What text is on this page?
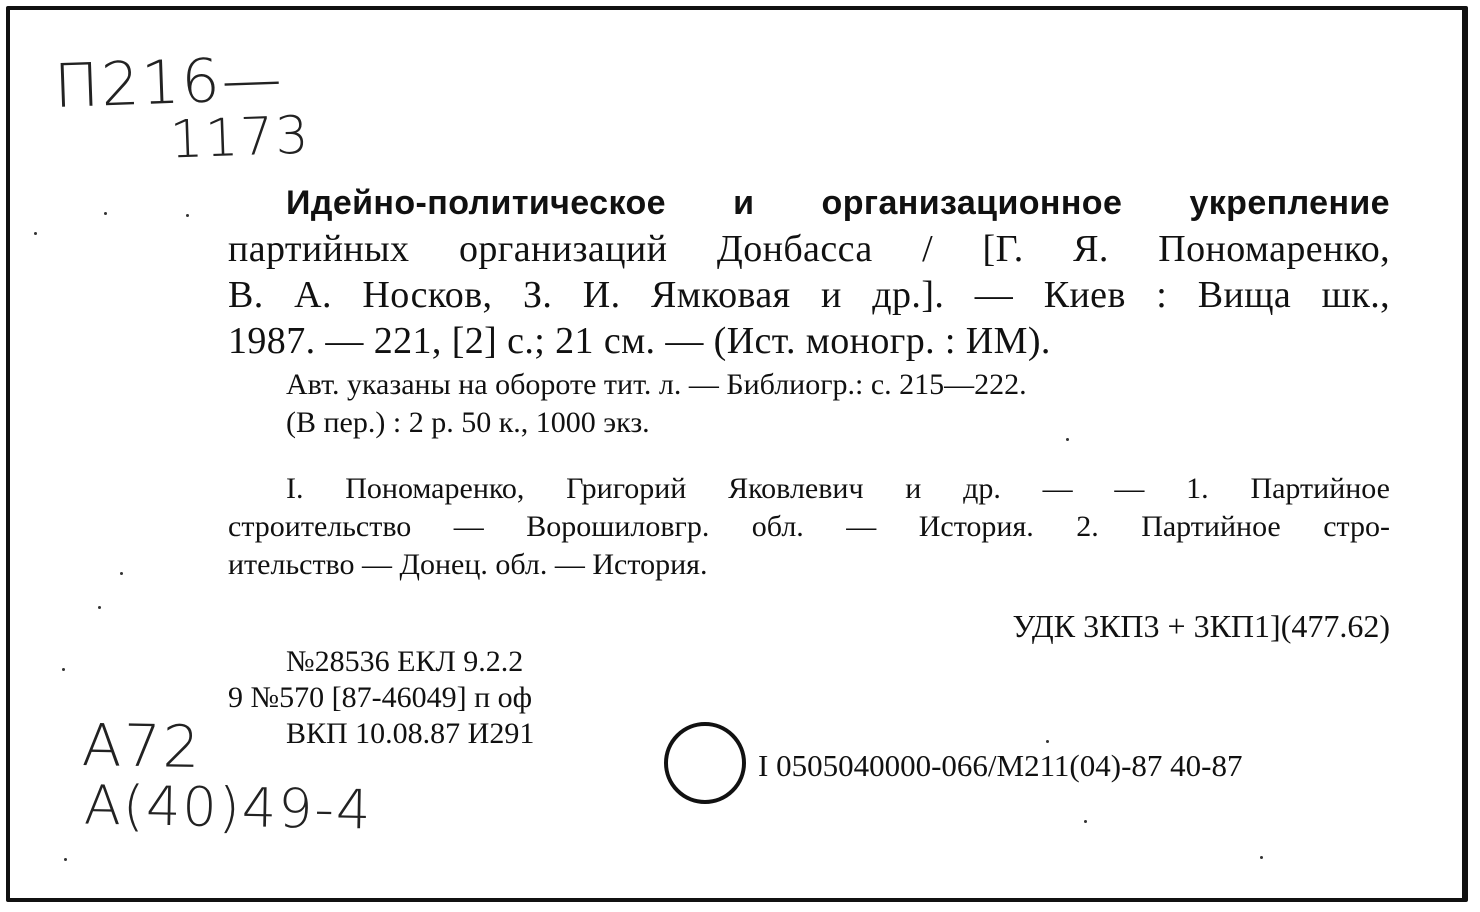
П216—
1173
А72
А(40)49-4
Идейно-политическое и организационное укрепление
партийных организаций Донбасса / [Г. Я. Пономаренко,
В. А. Носков, З. И. Ямковая и др.]. — Киев : Вища шк.,
1987. — 221, [2] с.; 21 см. — (Ист. моногр. : ИМ).
Авт. указаны на обороте тит. л. — Библиогр.: с. 215—222.
(В пер.) : 2 р. 50 к., 1000 экз.
I. Пономаренко, Григорий Яковлевич и др. — — 1. Партийное
строительство — Ворошиловгр. обл. — История. 2. Партийное стро-
ительство — Донец. обл. — История.
УДК 3КП3 + 3КП1](477.62)
№28536 ЕКЛ 9.2.2
9 №570 [87-46049] п оф
ВКП 10.08.87 И291
I 0505040000-066/М211(04)-87 40-87
